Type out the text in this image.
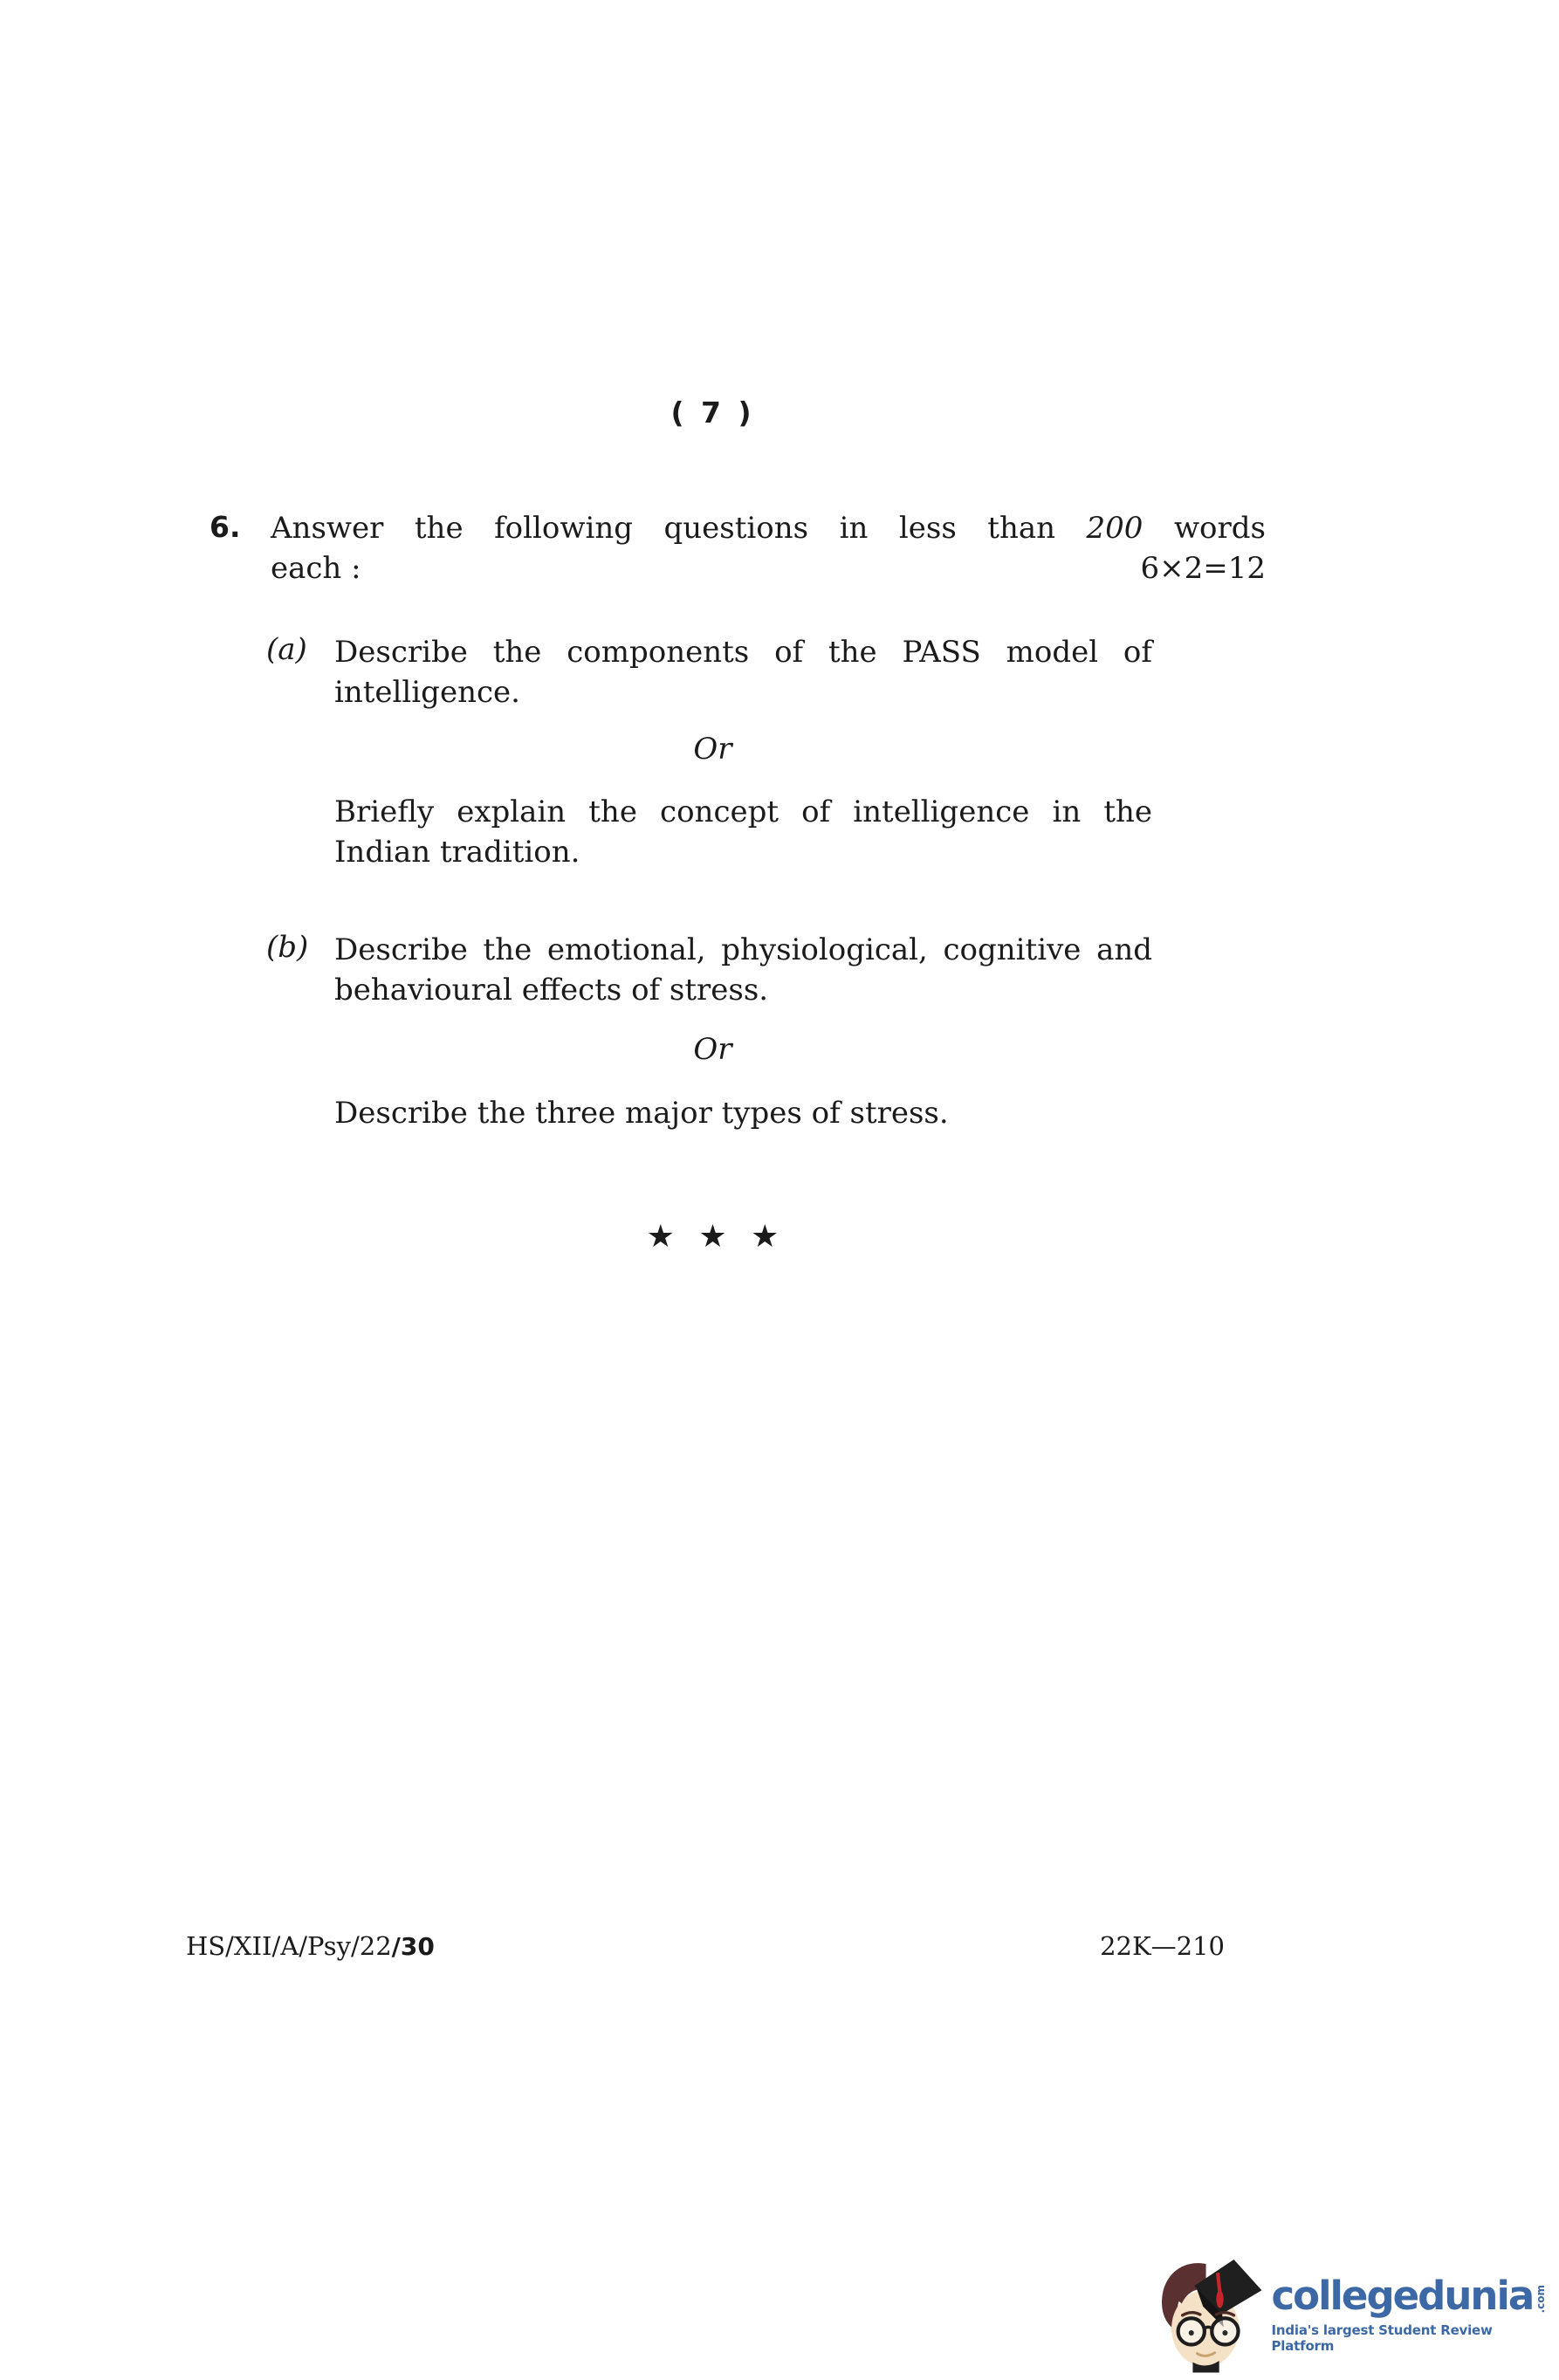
( 7 )
6. Answer the following questions in less than 200 words
each :	6×2=12
(a) Describe the components of the PASS model of
intelligence.
Or
Briefly explain the concept of intelligence in the
Indian tradition.
(b) Describe the emotional, physiological, cognitive and
behavioural effects of stress.
Or
Describe the three major types of stress.
★ ★ ★
HS/XII/A/Psy/22/30	22K—210
collegedunia .com
India's largest Student Review Platform
